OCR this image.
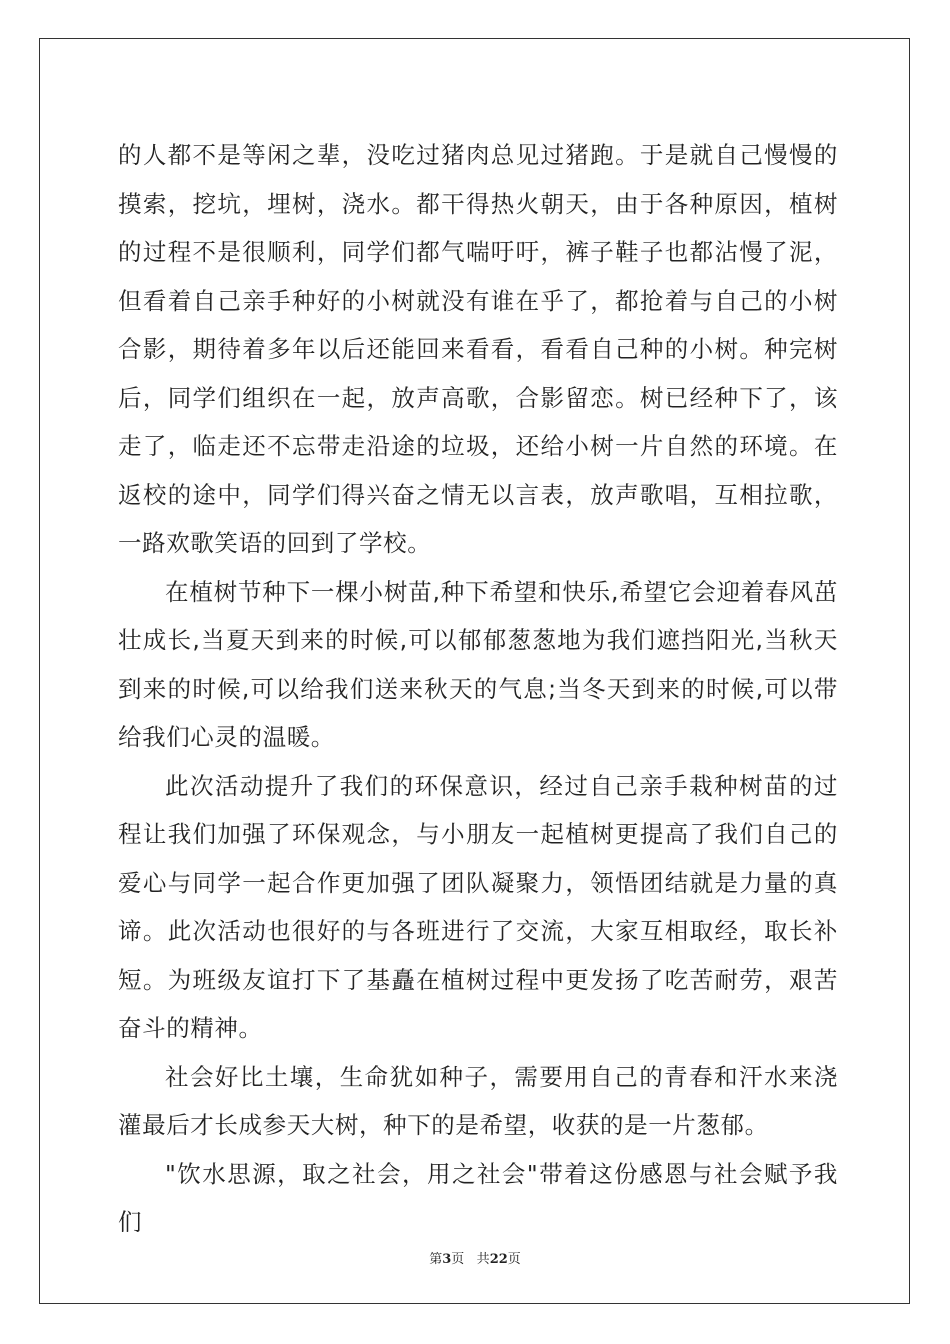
的人都不是等闲之辈，没吃过猪肉总见过猪跑。于是就自己慢慢的摸索，挖坑，埋树，浇水。都干得热火朝天，由于各种原因，植树的过程不是很顺利，同学们都气喘吁吁，裤子鞋子也都沾慢了泥，但看着自己亲手种好的小树就没有谁在乎了，都抢着与自己的小树合影，期待着多年以后还能回来看看，看看自己种的小树。种完树后，同学们组织在一起，放声高歌，合影留恋。树已经种下了，该走了，临走还不忘带走沿途的垃圾，还给小树一片自然的环境。在返校的途中，同学们得兴奋之情无以言表，放声歌唱，互相拉歌，一路欢歌笑语的回到了学校。

在植树节种下一棵小树苗,种下希望和快乐,希望它会迎着春风茁壮成长,当夏天到来的时候,可以郁郁葱葱地为我们遮挡阳光,当秋天到来的时候,可以给我们送来秋天的气息;当冬天到来的时候,可以带给我们心灵的温暖。

此次活动提升了我们的环保意识，经过自己亲手栽种树苗的过程让我们加强了环保观念，与小朋友一起植树更提高了我们自己的爱心与同学一起合作更加强了团队凝聚力，领悟团结就是力量的真谛。此次活动也很好的与各班进行了交流，大家互相取经，取长补短。为班级友谊打下了基矗在植树过程中更发扬了吃苦耐劳，艰苦奋斗的精神。

社会好比土壤，生命犹如种子，需要用自己的青春和汗水来浇灌最后才长成参天大树，种下的是希望，收获的是一片葱郁。

"饮水思源，取之社会，用之社会"带着这份感恩与社会赋予我们

第3页 共22页
